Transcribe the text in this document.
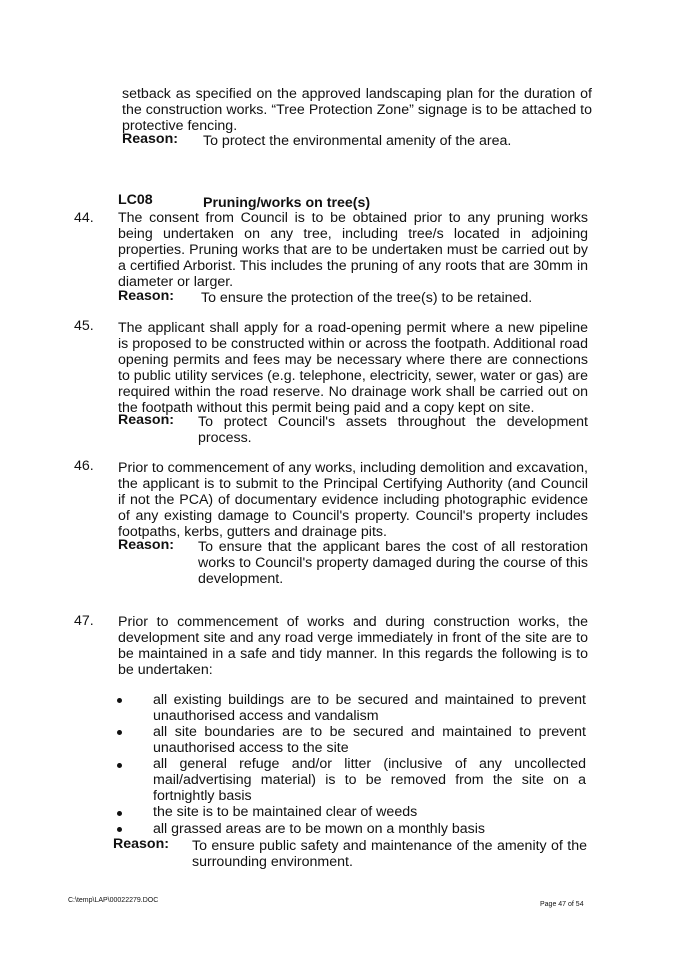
setback as specified on the approved landscaping plan for the duration of the construction works. “Tree Protection Zone” signage is to be attached to protective fencing.
Reason: To protect the environmental amenity of the area.
LC08	Pruning/works on tree(s)
44. The consent from Council is to be obtained prior to any pruning works being undertaken on any tree, including tree/s located in adjoining properties. Pruning works that are to be undertaken must be carried out by a certified Arborist. This includes the pruning of any roots that are 30mm in diameter or larger.
Reason: To ensure the protection of the tree(s) to be retained.
45. The applicant shall apply for a road-opening permit where a new pipeline is proposed to be constructed within or across the footpath. Additional road opening permits and fees may be necessary where there are connections to public utility services (e.g. telephone, electricity, sewer, water or gas) are required within the road reserve. No drainage work shall be carried out on the footpath without this permit being paid and a copy kept on site.
Reason: To protect Council's assets throughout the development process.
46. Prior to commencement of any works, including demolition and excavation, the applicant is to submit to the Principal Certifying Authority (and Council if not the PCA) of documentary evidence including photographic evidence of any existing damage to Council's property. Council's property includes footpaths, kerbs, gutters and drainage pits.
Reason: To ensure that the applicant bares the cost of all restoration works to Council's property damaged during the course of this development.
47. Prior to commencement of works and during construction works, the development site and any road verge immediately in front of the site are to be maintained in a safe and tidy manner. In this regards the following is to be undertaken:
all existing buildings are to be secured and maintained to prevent unauthorised access and vandalism
all site boundaries are to be secured and maintained to prevent unauthorised access to the site
all general refuge and/or litter (inclusive of any uncollected mail/advertising material) is to be removed from the site on a fortnightly basis
the site is to be maintained clear of weeds
all grassed areas are to be mown on a monthly basis
Reason: To ensure public safety and maintenance of the amenity of the surrounding environment.
C:\temp\LAP\00022279.DOC
Page 47 of 54
